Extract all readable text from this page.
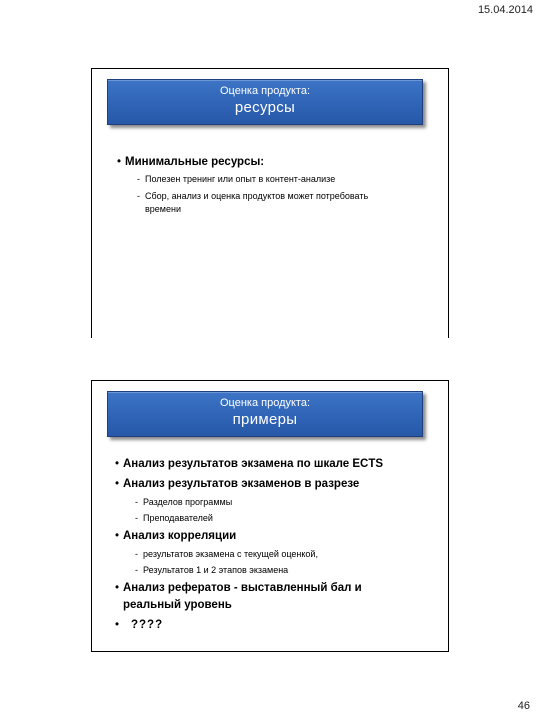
15.04.2014
Оценка продукта:
ресурсы
• Минимальные ресурсы:
- Полезен тренинг или опыт в контент-анализе
- Сбор, анализ и оценка продуктов может потребовать времени
Оценка продукта:
примеры
• Анализ результатов экзамена по шкале ECTS
• Анализ результатов экзаменов в разрезе
- Разделов программы
- Преподавателей
• Анализ корреляции
- результатов экзамена с текущей оценкой,
- Результатов 1 и 2 этапов экзамена
• Анализ рефератов - выставленный бал и реальный уровень
• ????
46
